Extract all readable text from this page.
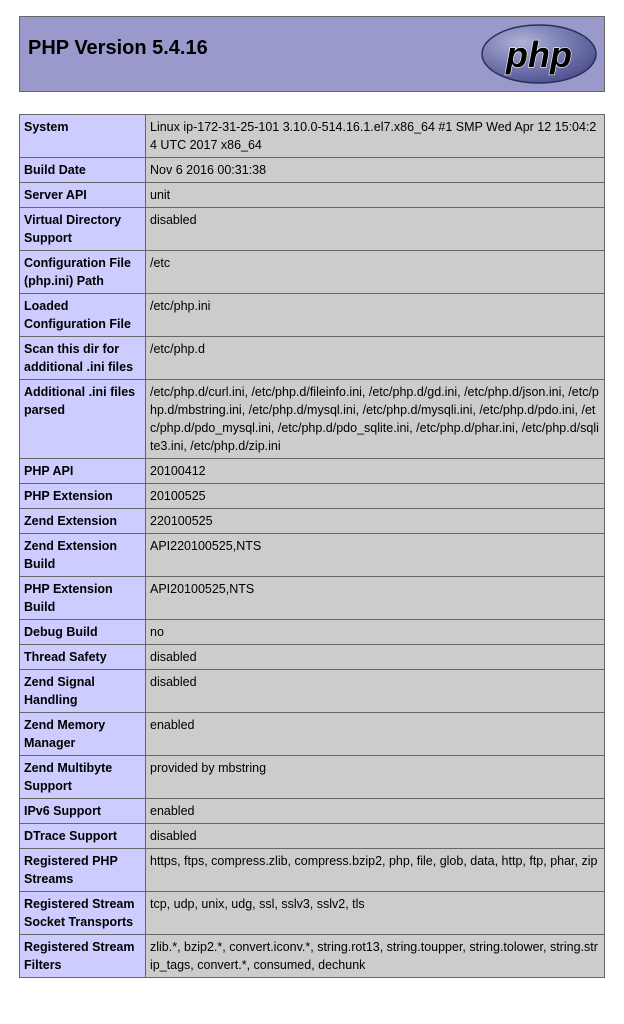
PHP Version 5.4.16	php
System	Linux ip-172-31-25-101 3.10.0-514.16.1.el7.x86_64 #1 SMP Wed Apr 12 15:04:24 UTC 2017 x86_64
Build Date	Nov 6 2016 00:31:38
Server API	unit
Virtual Directory Support	disabled
Configuration File (php.ini) Path	/etc
Loaded Configuration File	/etc/php.ini
Scan this dir for additional .ini files	/etc/php.d
Additional .ini files parsed	/etc/php.d/curl.ini, /etc/php.d/fileinfo.ini, /etc/php.d/gd.ini, /etc/php.d/json.ini, /etc/php.d/mbstring.ini, /etc/php.d/mysql.ini, /etc/php.d/mysqli.ini, /etc/php.d/pdo.ini, /etc/php.d/pdo_mysql.ini, /etc/php.d/pdo_sqlite.ini, /etc/php.d/phar.ini, /etc/php.d/sqlite3.ini, /etc/php.d/zip.ini
PHP API	20100412
PHP Extension	20100525
Zend Extension	220100525
Zend Extension Build	API220100525,NTS
PHP Extension Build	API20100525,NTS
Debug Build	no
Thread Safety	disabled
Zend Signal Handling	disabled
Zend Memory Manager	enabled
Zend Multibyte Support	provided by mbstring
IPv6 Support	enabled
DTrace Support	disabled
Registered PHP Streams	https, ftps, compress.zlib, compress.bzip2, php, file, glob, data, http, ftp, phar, zip
Registered Stream Socket Transports	tcp, udp, unix, udg, ssl, sslv3, sslv2, tls
Registered Stream Filters	zlib.*, bzip2.*, convert.iconv.*, string.rot13, string.toupper, string.tolower, string.strip_tags, convert.*, consumed, dechunk
